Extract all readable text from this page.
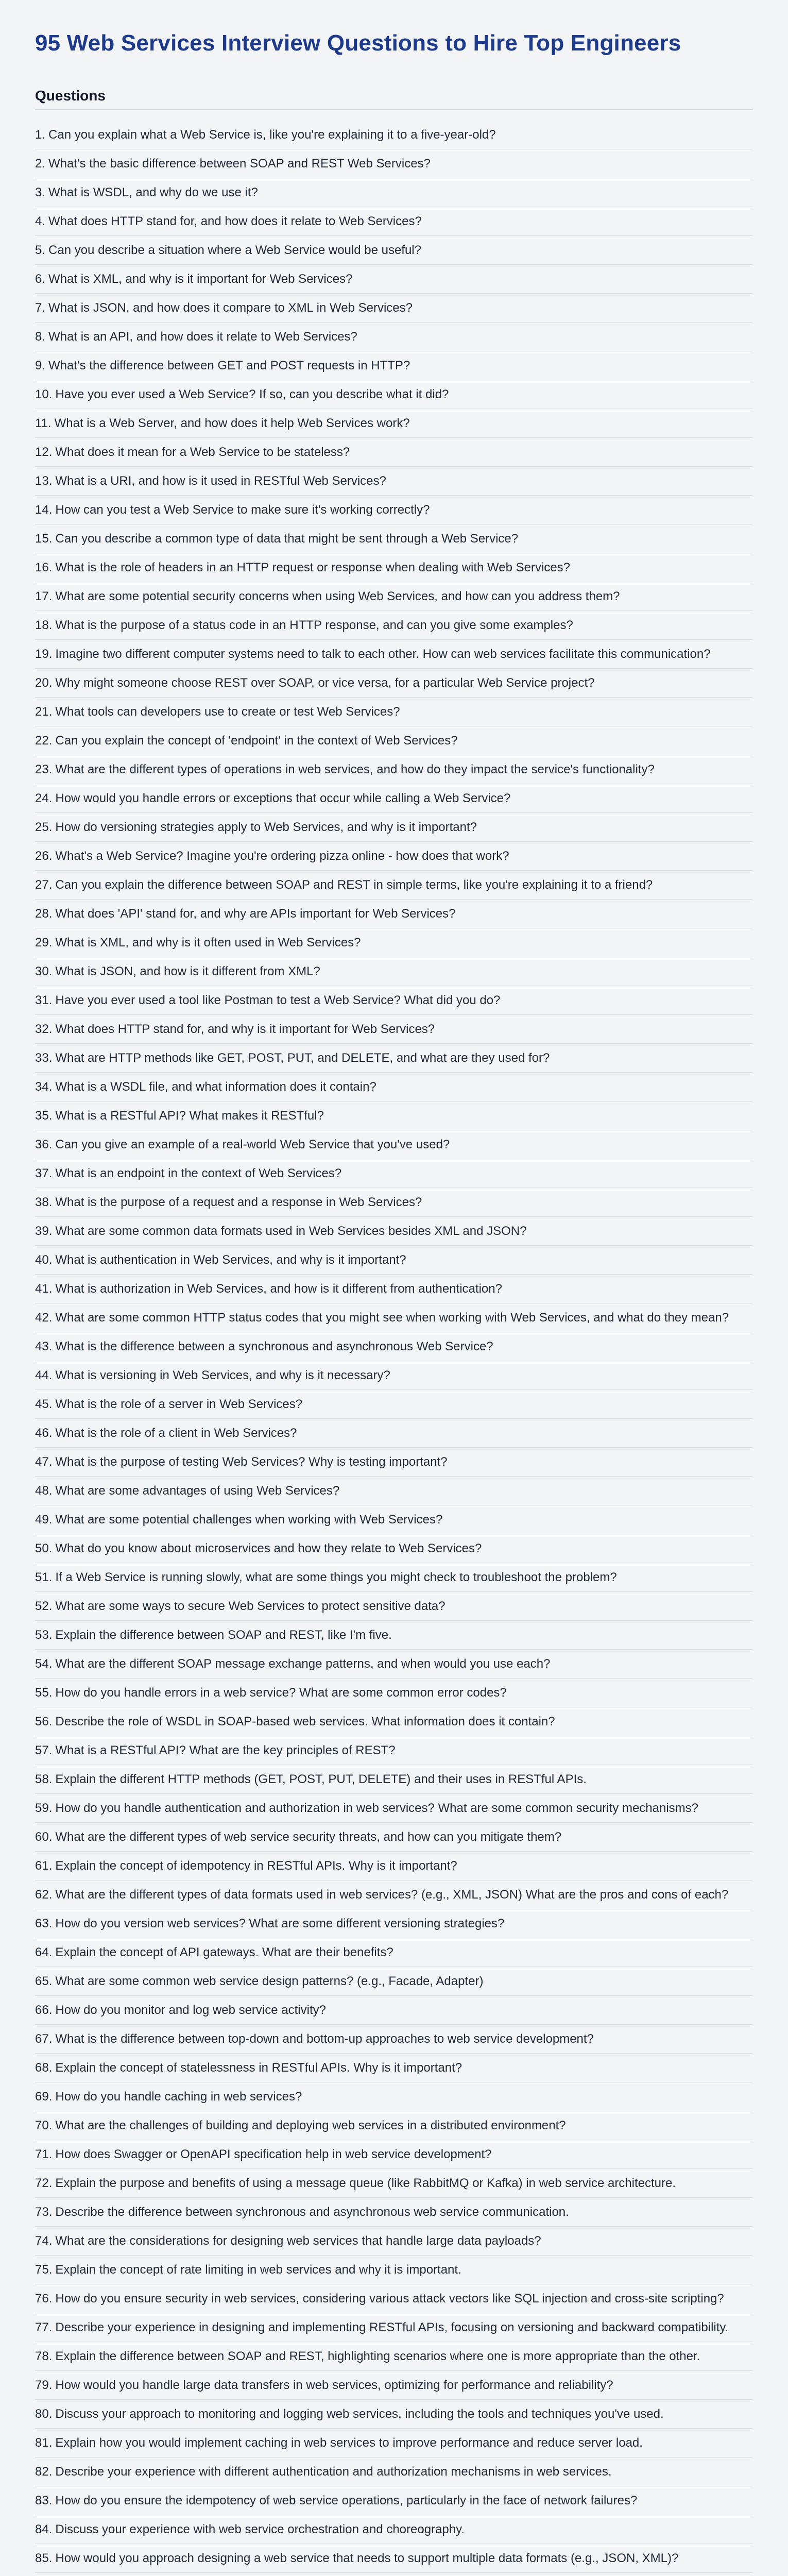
95 Web Services Interview Questions to Hire Top Engineers
Questions
1. Can you explain what a Web Service is, like you're explaining it to a five-year-old?
2. What's the basic difference between SOAP and REST Web Services?
3. What is WSDL, and why do we use it?
4. What does HTTP stand for, and how does it relate to Web Services?
5. Can you describe a situation where a Web Service would be useful?
6. What is XML, and why is it important for Web Services?
7. What is JSON, and how does it compare to XML in Web Services?
8. What is an API, and how does it relate to Web Services?
9. What's the difference between GET and POST requests in HTTP?
10. Have you ever used a Web Service? If so, can you describe what it did?
11. What is a Web Server, and how does it help Web Services work?
12. What does it mean for a Web Service to be stateless?
13. What is a URI, and how is it used in RESTful Web Services?
14. How can you test a Web Service to make sure it's working correctly?
15. Can you describe a common type of data that might be sent through a Web Service?
16. What is the role of headers in an HTTP request or response when dealing with Web Services?
17. What are some potential security concerns when using Web Services, and how can you address them?
18. What is the purpose of a status code in an HTTP response, and can you give some examples?
19. Imagine two different computer systems need to talk to each other. How can web services facilitate this communication?
20. Why might someone choose REST over SOAP, or vice versa, for a particular Web Service project?
21. What tools can developers use to create or test Web Services?
22. Can you explain the concept of 'endpoint' in the context of Web Services?
23. What are the different types of operations in web services, and how do they impact the service's functionality?
24. How would you handle errors or exceptions that occur while calling a Web Service?
25. How do versioning strategies apply to Web Services, and why is it important?
26. What's a Web Service? Imagine you're ordering pizza online - how does that work?
27. Can you explain the difference between SOAP and REST in simple terms, like you're explaining it to a friend?
28. What does 'API' stand for, and why are APIs important for Web Services?
29. What is XML, and why is it often used in Web Services?
30. What is JSON, and how is it different from XML?
31. Have you ever used a tool like Postman to test a Web Service? What did you do?
32. What does HTTP stand for, and why is it important for Web Services?
33. What are HTTP methods like GET, POST, PUT, and DELETE, and what are they used for?
34. What is a WSDL file, and what information does it contain?
35. What is a RESTful API? What makes it RESTful?
36. Can you give an example of a real-world Web Service that you've used?
37. What is an endpoint in the context of Web Services?
38. What is the purpose of a request and a response in Web Services?
39. What are some common data formats used in Web Services besides XML and JSON?
40. What is authentication in Web Services, and why is it important?
41. What is authorization in Web Services, and how is it different from authentication?
42. What are some common HTTP status codes that you might see when working with Web Services, and what do they mean?
43. What is the difference between a synchronous and asynchronous Web Service?
44. What is versioning in Web Services, and why is it necessary?
45. What is the role of a server in Web Services?
46. What is the role of a client in Web Services?
47. What is the purpose of testing Web Services? Why is testing important?
48. What are some advantages of using Web Services?
49. What are some potential challenges when working with Web Services?
50. What do you know about microservices and how they relate to Web Services?
51. If a Web Service is running slowly, what are some things you might check to troubleshoot the problem?
52. What are some ways to secure Web Services to protect sensitive data?
53. Explain the difference between SOAP and REST, like I'm five.
54. What are the different SOAP message exchange patterns, and when would you use each?
55. How do you handle errors in a web service? What are some common error codes?
56. Describe the role of WSDL in SOAP-based web services. What information does it contain?
57. What is a RESTful API? What are the key principles of REST?
58. Explain the different HTTP methods (GET, POST, PUT, DELETE) and their uses in RESTful APIs.
59. How do you handle authentication and authorization in web services? What are some common security mechanisms?
60. What are the different types of web service security threats, and how can you mitigate them?
61. Explain the concept of idempotency in RESTful APIs. Why is it important?
62. What are the different types of data formats used in web services? (e.g., XML, JSON) What are the pros and cons of each?
63. How do you version web services? What are some different versioning strategies?
64. Explain the concept of API gateways. What are their benefits?
65. What are some common web service design patterns? (e.g., Facade, Adapter)
66. How do you monitor and log web service activity?
67. What is the difference between top-down and bottom-up approaches to web service development?
68. Explain the concept of statelessness in RESTful APIs. Why is it important?
69. How do you handle caching in web services?
70. What are the challenges of building and deploying web services in a distributed environment?
71. How does Swagger or OpenAPI specification help in web service development?
72. Explain the purpose and benefits of using a message queue (like RabbitMQ or Kafka) in web service architecture.
73. Describe the difference between synchronous and asynchronous web service communication.
74. What are the considerations for designing web services that handle large data payloads?
75. Explain the concept of rate limiting in web services and why it is important.
76. How do you ensure security in web services, considering various attack vectors like SQL injection and cross-site scripting?
77. Describe your experience in designing and implementing RESTful APIs, focusing on versioning and backward compatibility.
78. Explain the difference between SOAP and REST, highlighting scenarios where one is more appropriate than the other.
79. How would you handle large data transfers in web services, optimizing for performance and reliability?
80. Discuss your approach to monitoring and logging web services, including the tools and techniques you've used.
81. Explain how you would implement caching in web services to improve performance and reduce server load.
82. Describe your experience with different authentication and authorization mechanisms in web services.
83. How do you ensure the idempotency of web service operations, particularly in the face of network failures?
84. Discuss your experience with web service orchestration and choreography.
85. How would you approach designing a web service that needs to support multiple data formats (e.g., JSON, XML)?
